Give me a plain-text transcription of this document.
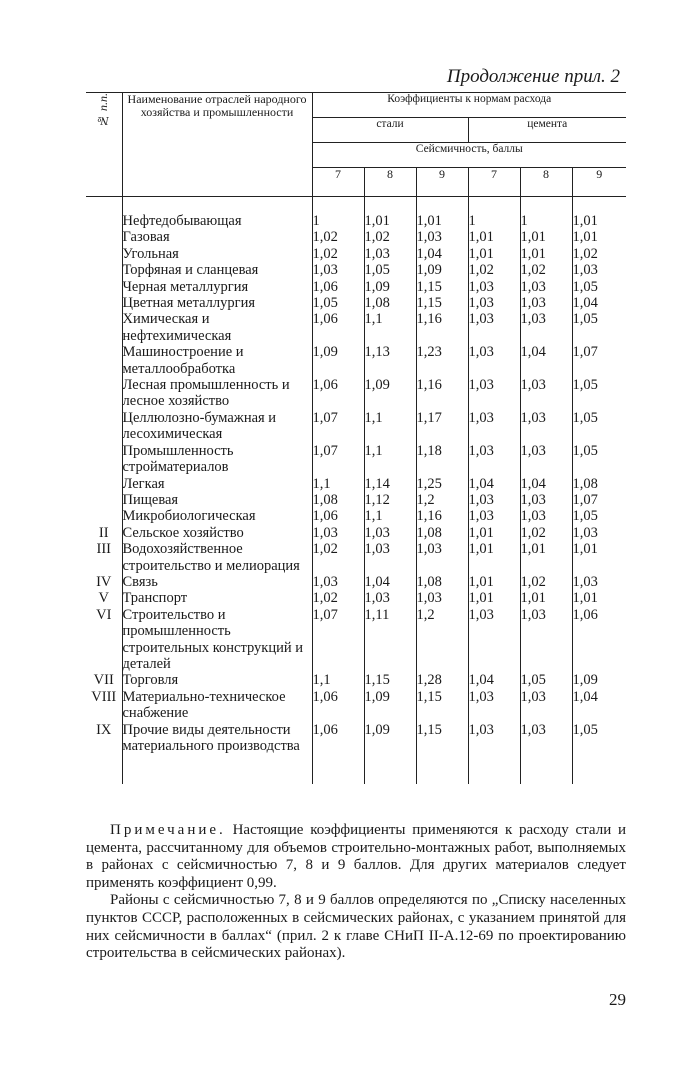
Продолжение прил. 2
№ п.п.	Наименование отраслей народного хозяйства и промышленности	Коэффициенты к нормам расхода					
		стали			цемента		
		Сейсмичность, баллы					
		7	8	9	7	8	9

	Нефтедобывающая	1	1,01	1,01	1	1	1,01
	Газовая	1,02	1,02	1,03	1,01	1,01	1,01
	Угольная	1,02	1,03	1,04	1,01	1,01	1,02
	Торфяная и сланцевая	1,03	1,05	1,09	1,02	1,02	1,03
	Черная металлургия	1,06	1,09	1,15	1,03	1,03	1,05
	Цветная металлургия	1,05	1,08	1,15	1,03	1,03	1,04
	Химическая и нефтехимическая	1,06	1,1	1,16	1,03	1,03	1,05
	Машиностроение и металлообработка	1,09	1,13	1,23	1,03	1,04	1,07
	Лесная промышленность и лесное хозяйство	1,06	1,09	1,16	1,03	1,03	1,05
	Целлюлозно-бумажная и лесохимическая	1,07	1,1	1,17	1,03	1,03	1,05
	Промышленность стройматериалов	1,07	1,1	1,18	1,03	1,03	1,05
	Легкая	1,1	1,14	1,25	1,04	1,04	1,08
	Пищевая	1,08	1,12	1,2	1,03	1,03	1,07
	Микробиологическая	1,06	1,1	1,16	1,03	1,03	1,05
II	Сельское хозяйство	1,03	1,03	1,08	1,01	1,02	1,03
III	Водохозяйственное строительство и мелиорация	1,02	1,03	1,03	1,01	1,01	1,01
IV	Связь	1,03	1,04	1,08	1,01	1,02	1,03
V	Транспорт	1,02	1,03	1,03	1,01	1,01	1,01
VI	Строительство и промышленность строительных конструкций и деталей	1,07	1,11	1,2	1,03	1,03	1,06
VII	Торговля	1,1	1,15	1,28	1,04	1,05	1,09
VIII	Материально-техническое снабжение	1,06	1,09	1,15	1,03	1,03	1,04
IX	Прочие виды деятельности материального производства	1,06	1,09	1,15	1,03	1,03	1,05

Примечание. Настоящие коэффициенты применяются к расходу стали и цемента, рассчитанному для объемов строительно-монтажных работ, выполняемых в районах с сейсмичностью 7, 8 и 9 баллов. Для других материалов следует применять коэффициент 0,99.

Районы с сейсмичностью 7, 8 и 9 баллов определяются по „Списку населенных пунктов СССР, расположенных в сейсмических районах, с указанием принятой для них сейсмичности в баллах“ (прил. 2 к главе СНиП II-А.12-69 по проектированию строительства в сейсмических районах).

29
